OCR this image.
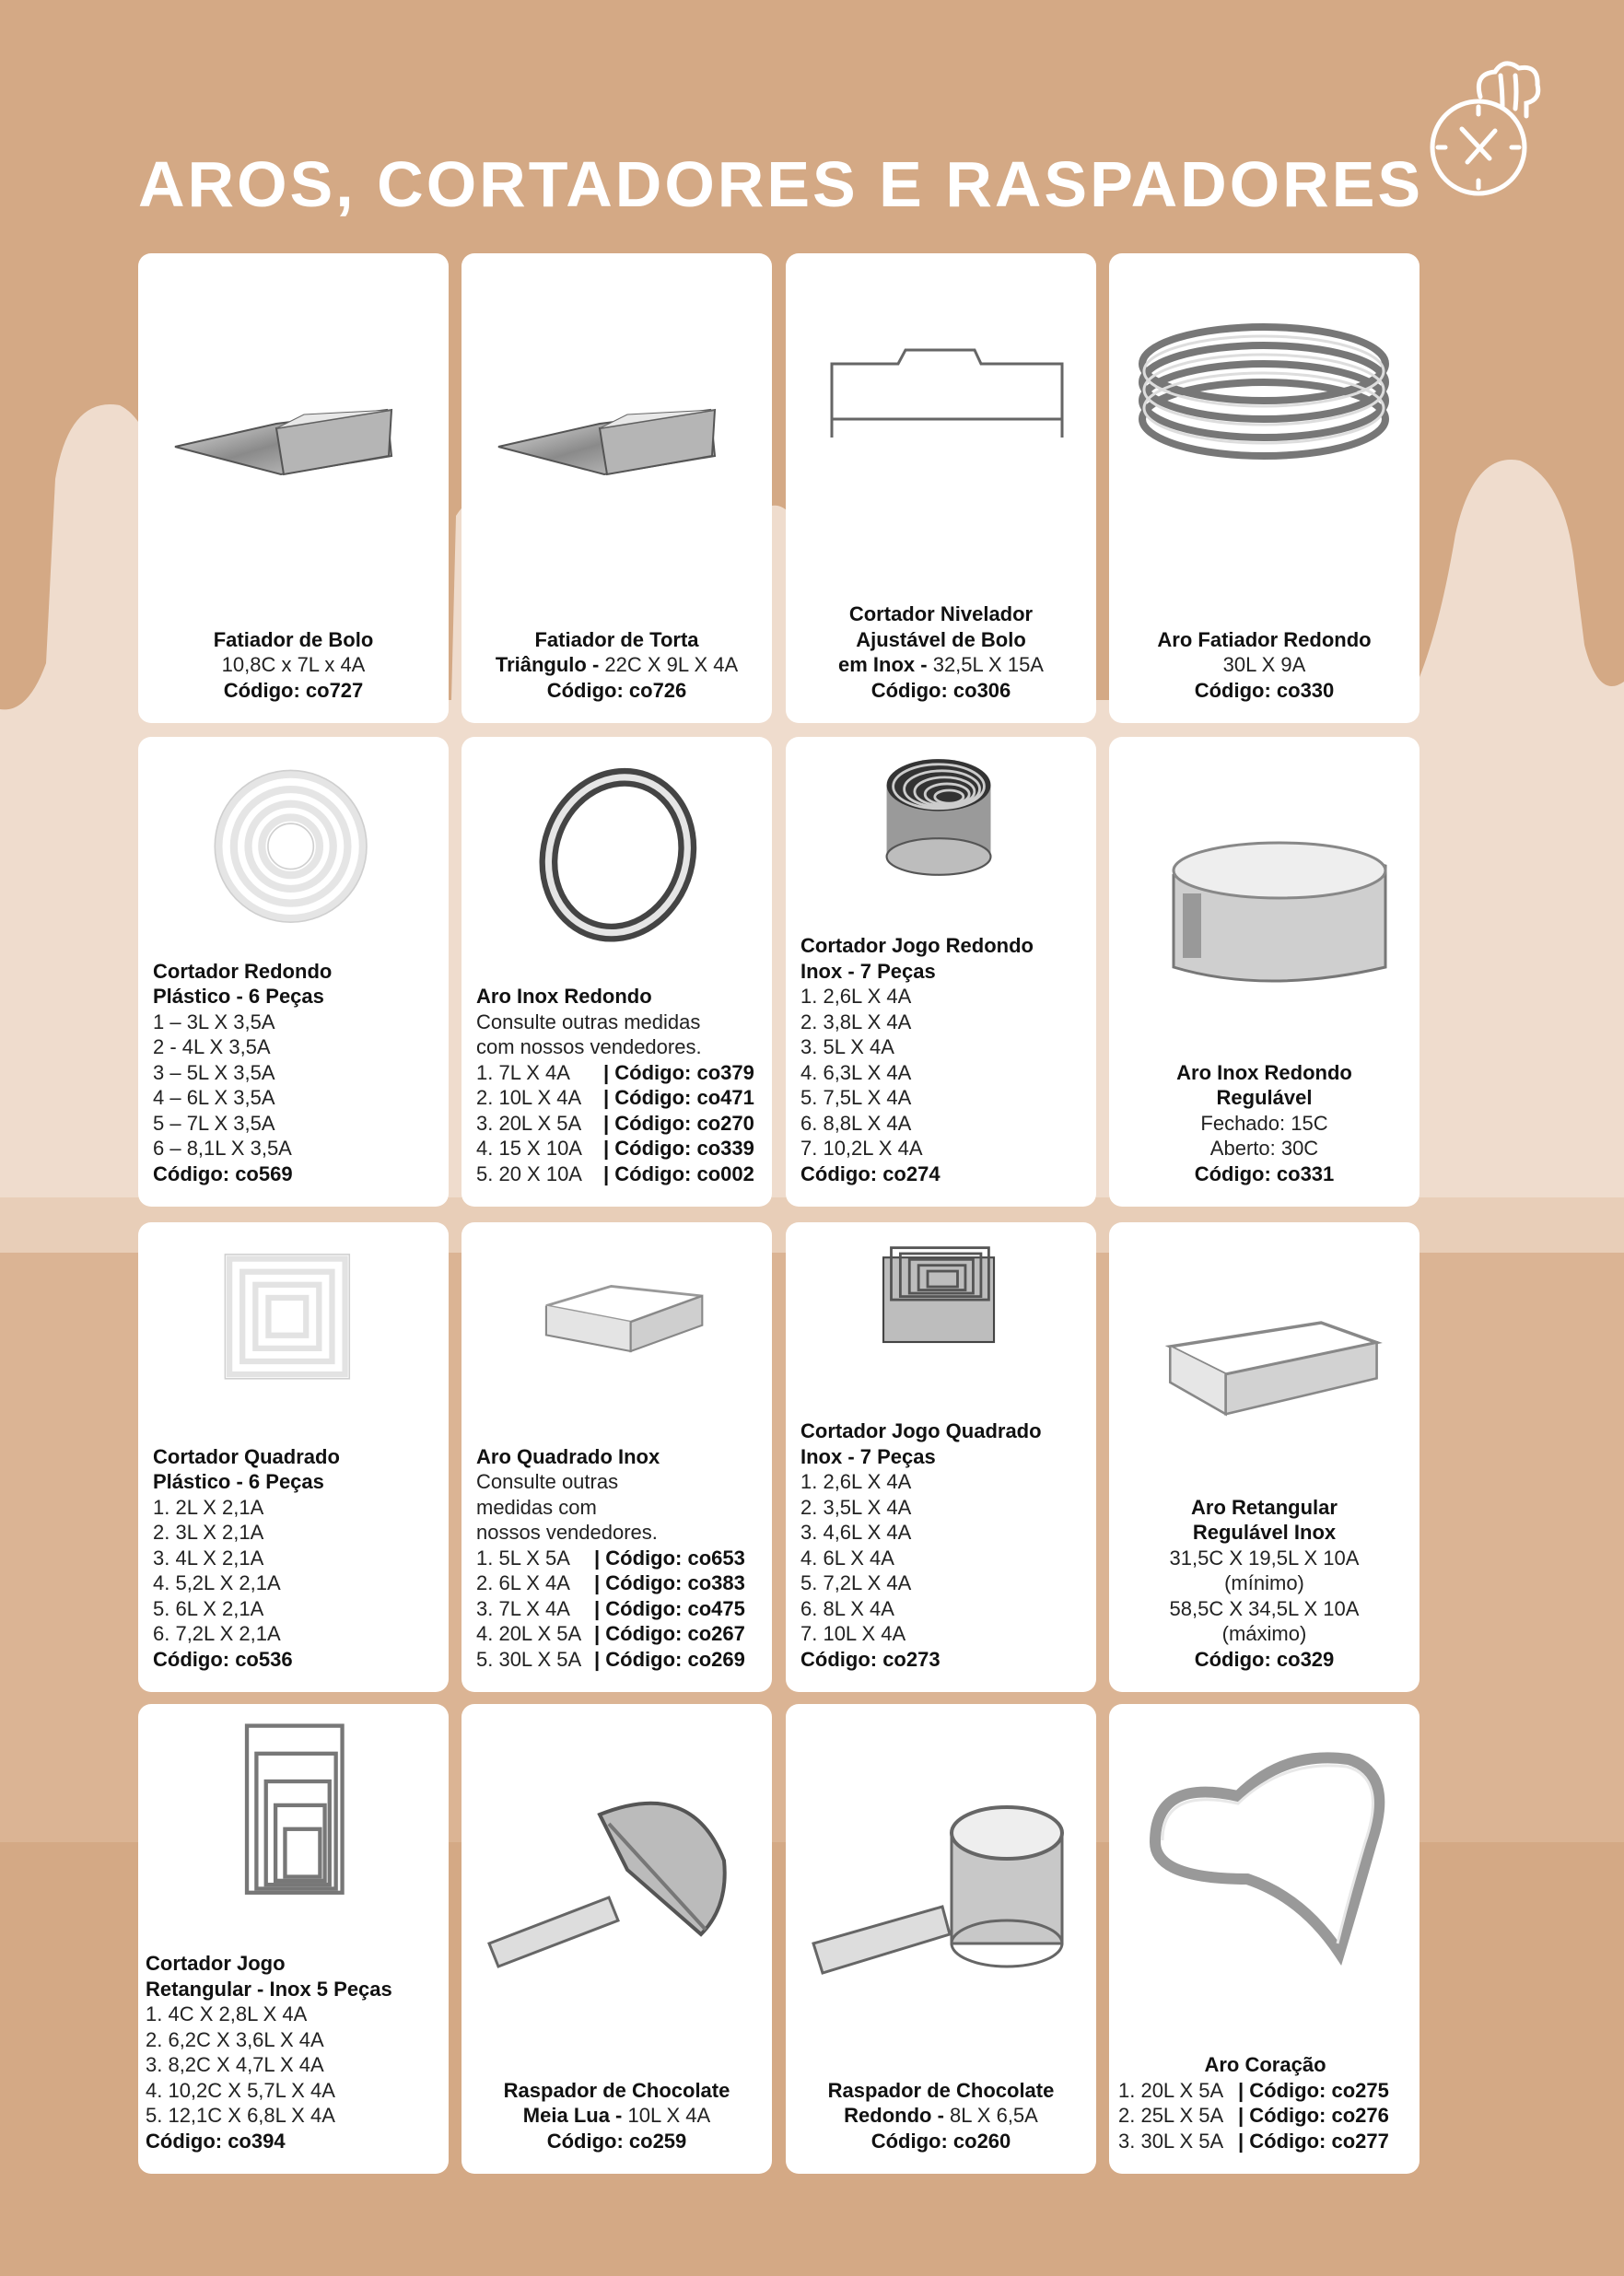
AROS, CORTADORES E RASPADORES
Fatiador de Bolo
10,8C x 7L x 4A
Código: co727
Fatiador de Torta
Triângulo - 22C X 9L X 4A
Código: co726
Cortador Nivelador
Ajustável de Bolo
em Inox - 32,5L X 15A
Código: co306
Aro Fatiador Redondo
30L X 9A
Código: co330
Cortador Redondo
Plástico - 6 Peças
1 – 3L X 3,5A
2 - 4L X 3,5A
3 – 5L X 3,5A
4 – 6L X 3,5A
5 – 7L X 3,5A
6 – 8,1L X 3,5A
Código: co569
Aro Inox Redondo
Consulte outras medidas
com nossos vendedores.
1. 7L X 4A | Código: co379
2. 10L X 4A | Código: co471
3. 20L X 5A | Código: co270
4. 15 X 10A | Código: co339
5. 20 X 10A | Código: co002
Cortador Jogo Redondo
Inox - 7 Peças
1. 2,6L X 4A
2. 3,8L X 4A
3. 5L X 4A
4. 6,3L X 4A
5. 7,5L X 4A
6. 8,8L X 4A
7. 10,2L X 4A
Código: co274
Aro Inox Redondo
Regulável
Fechado: 15C
Aberto: 30C
Código: co331
Cortador Quadrado
Plástico - 6 Peças
1. 2L X 2,1A
2. 3L X 2,1A
3. 4L X 2,1A
4. 5,2L X 2,1A
5. 6L X 2,1A
6. 7,2L X 2,1A
Código: co536
Aro Quadrado Inox
Consulte outras
medidas com
nossos vendedores.
1. 5L X 5A | Código: co653
2. 6L X 4A | Código: co383
3. 7L X 4A | Código: co475
4. 20L X 5A | Código: co267
5. 30L X 5A | Código: co269
Cortador Jogo Quadrado
Inox - 7 Peças
1. 2,6L X 4A
2. 3,5L X 4A
3. 4,6L X 4A
4. 6L X 4A
5. 7,2L X 4A
6. 8L X 4A
7. 10L X 4A
Código: co273
Aro Retangular
Regulável Inox
31,5C X 19,5L X 10A
(mínimo)
58,5C X 34,5L X 10A
(máximo)
Código: co329
Cortador Jogo
Retangular - Inox 5 Peças
1. 4C X 2,8L X 4A
2. 6,2C X 3,6L X 4A
3. 8,2C X 4,7L X 4A
4. 10,2C X 5,7L X 4A
5. 12,1C X 6,8L X 4A
Código: co394
Raspador de Chocolate
Meia Lua - 10L X 4A
Código: co259
Raspador de Chocolate
Redondo - 8L X 6,5A
Código: co260
Aro Coração
1. 20L X 5A | Código: co275
2. 25L X 5A | Código: co276
3. 30L X 5A | Código: co277
